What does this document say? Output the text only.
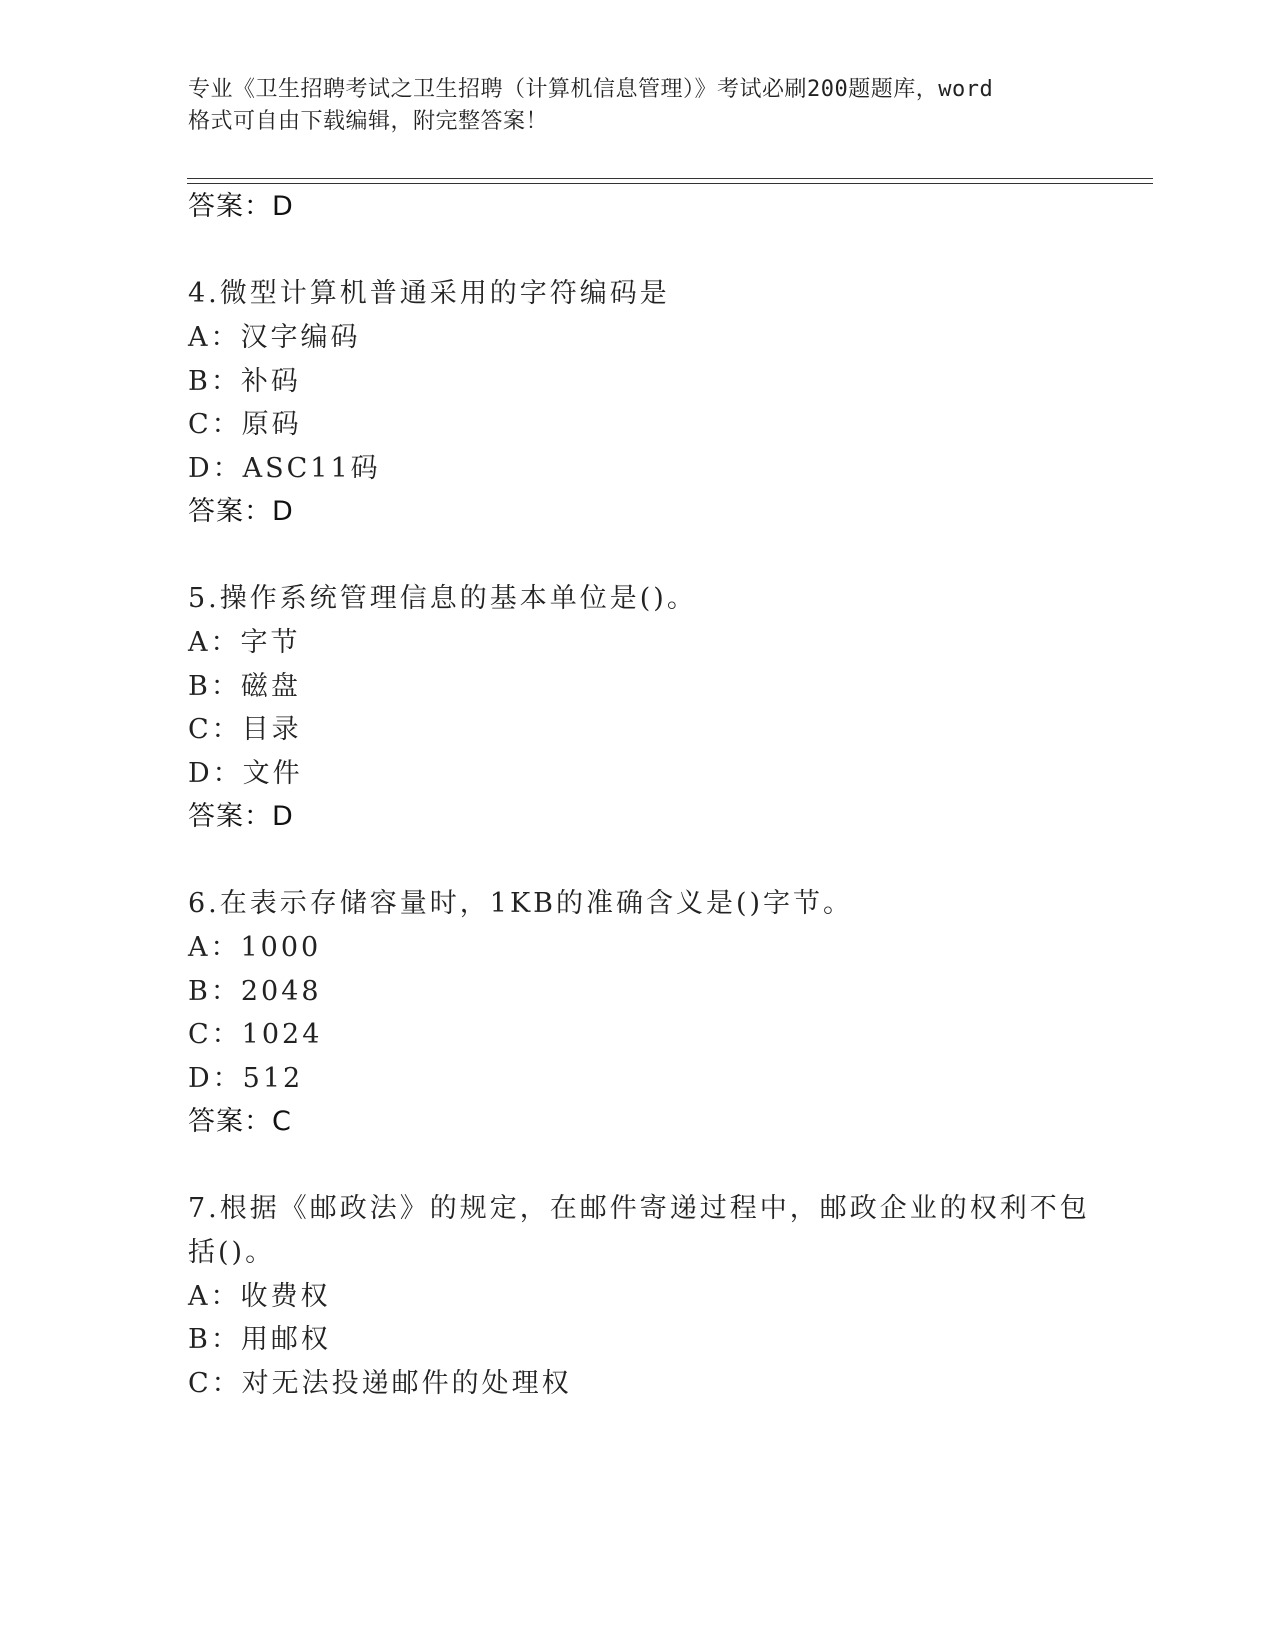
专业《卫生招聘考试之卫生招聘（计算机信息管理）》考试必刷200题题库，word
格式可自由下载编辑，附完整答案！
答案：D
4.微型计算机普通采用的字符编码是
A：汉字编码
B：补码
C：原码
D：ASC11码
答案：D
5.操作系统管理信息的基本单位是()。
A：字节
B：磁盘
C：目录
D：文件
答案：D
6.在表示存储容量时，1KB的准确含义是()字节。
A：1000
B：2048
C：1024
D：512
答案：C
7.根据《邮政法》的规定，在邮件寄递过程中，邮政企业的权利不包
括()。
A：收费权
B：用邮权
C：对无法投递邮件的处理权
